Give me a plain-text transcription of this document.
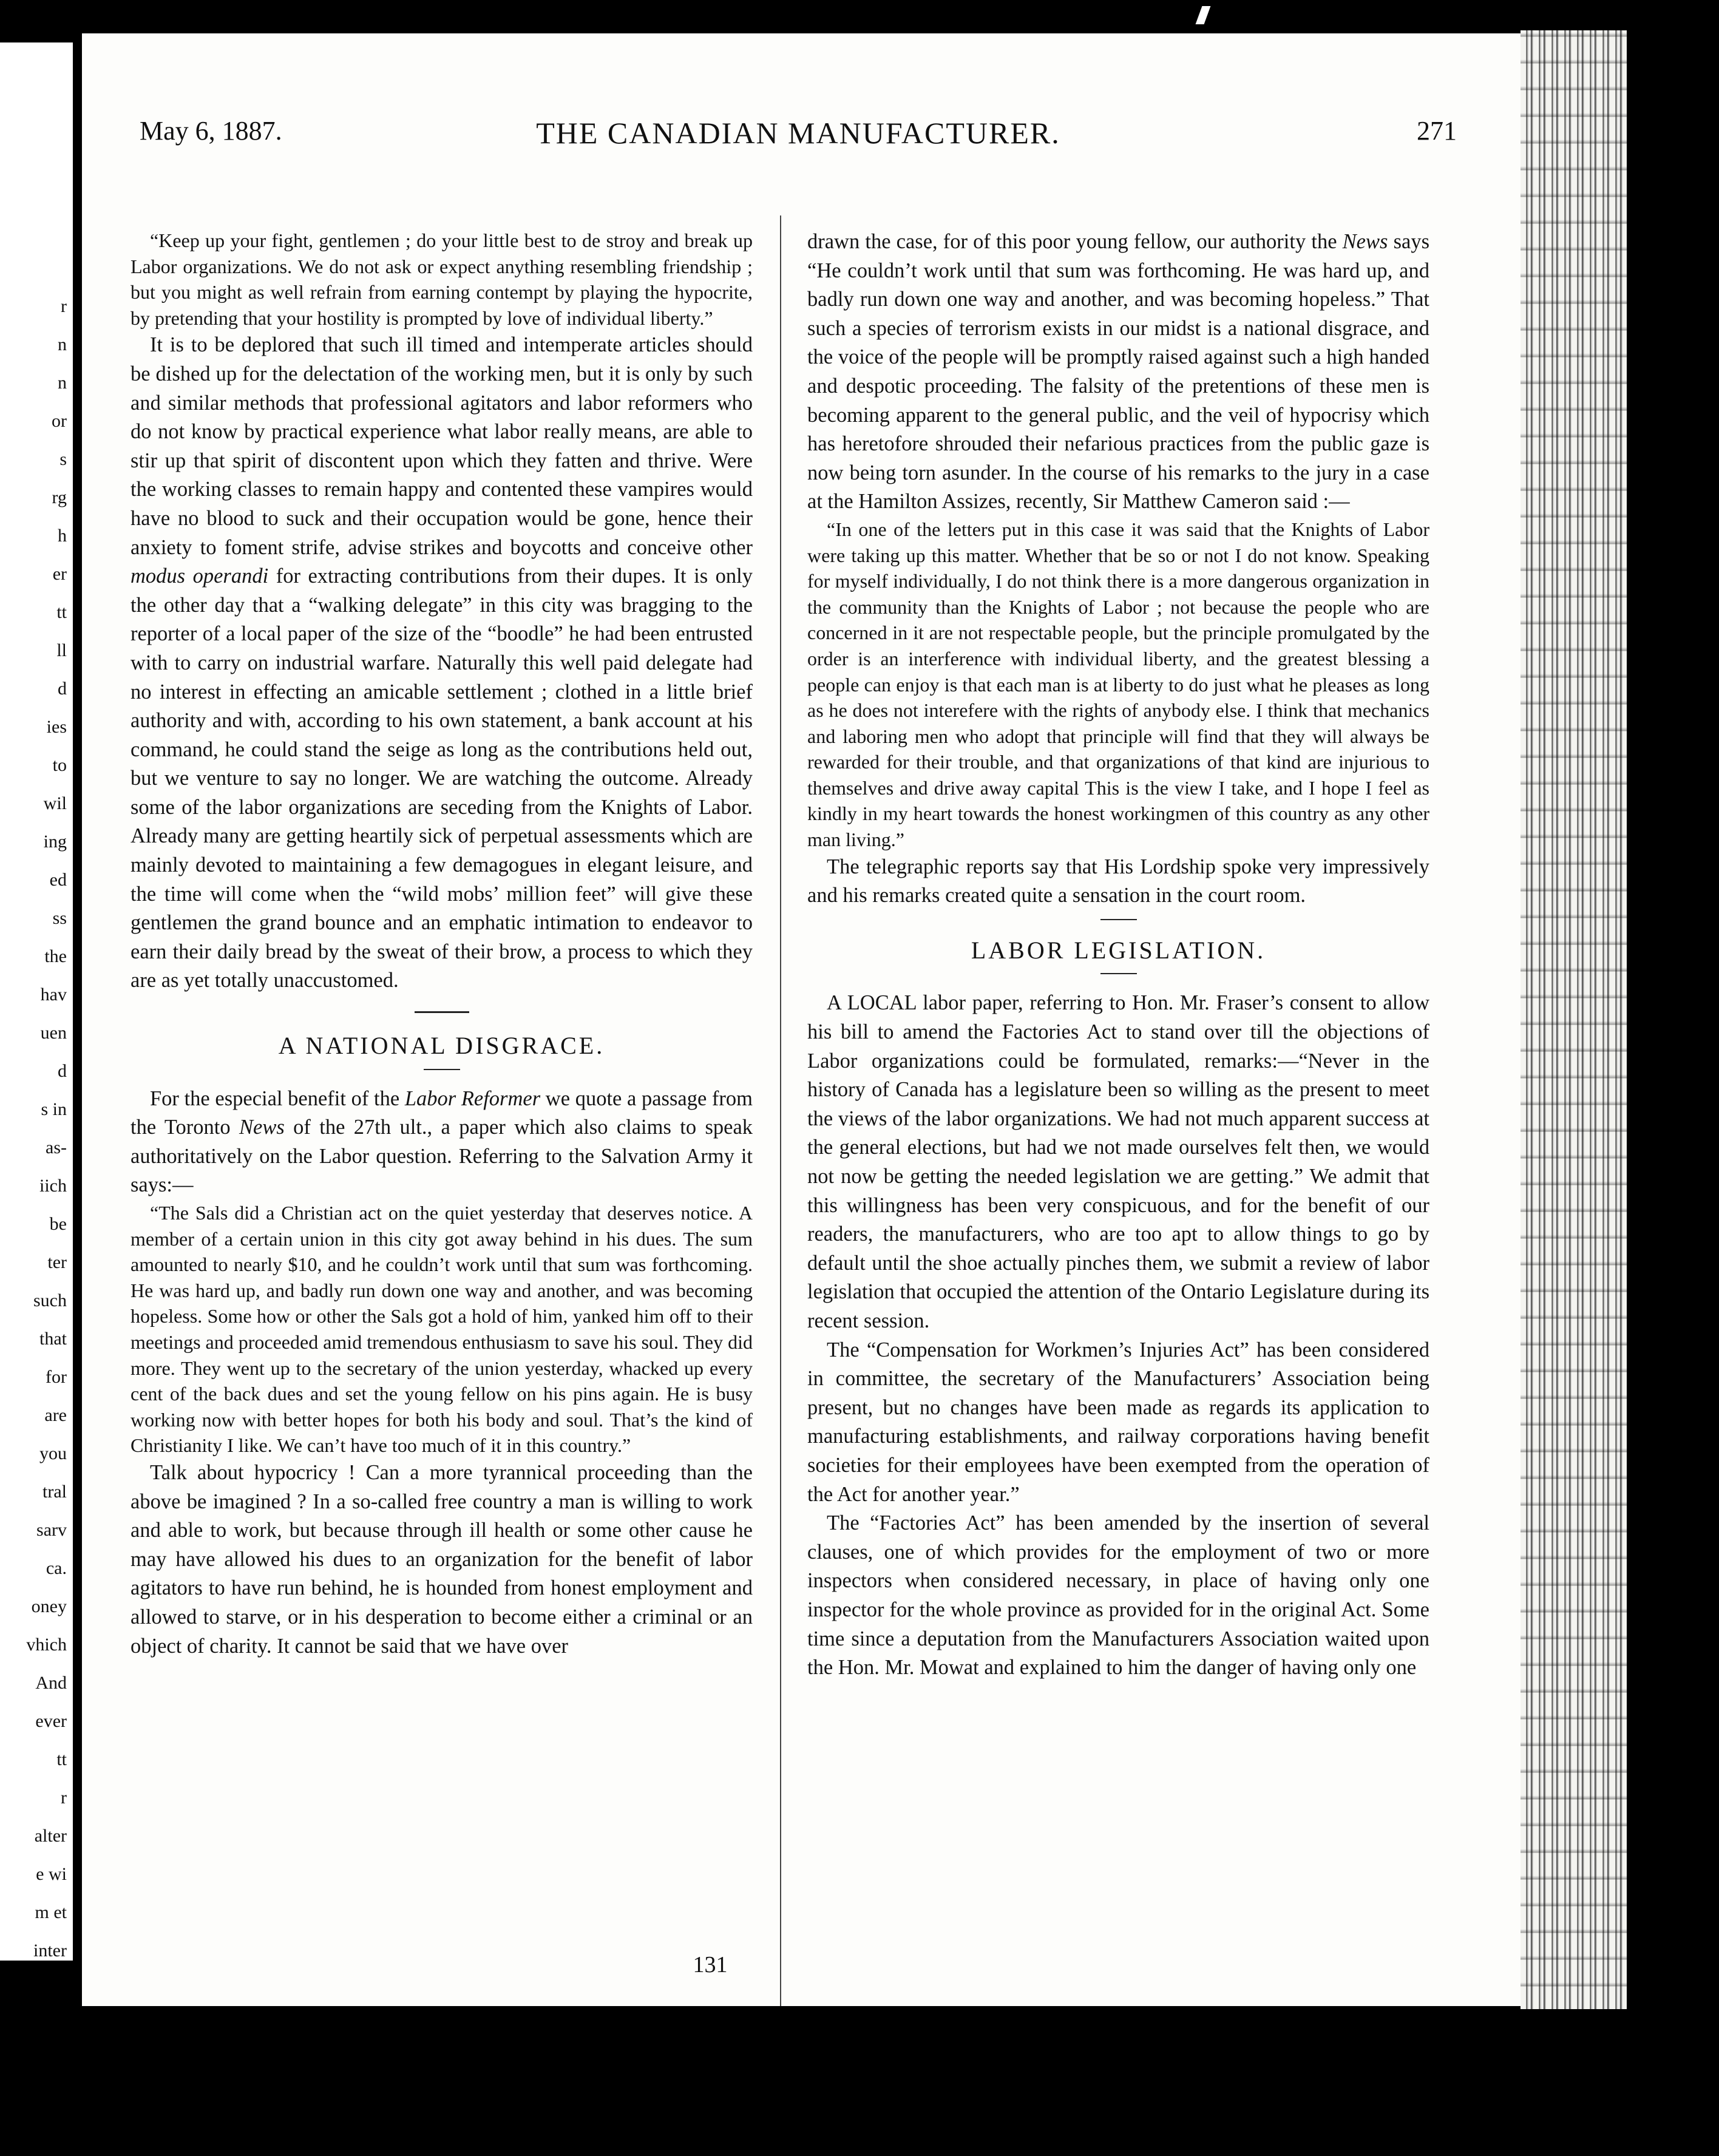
r
n
n
or
s
rg
h
er
tt
ll
d
ies
to
wil
ing
ed
ss
the
hav
uen
d
s in
as-
iich
be
ter
such
that
for
are
you
tral
sarv
ca.
oney
vhich
And
ever
tt
r
alter
e wi
m et
inter
May 6, 1887.	THE CANADIAN MANUFACTURER.	271

“Keep up your fight, gentlemen ; do your little best to de stroy and break up Labor organizations. We do not ask or expect anything resembling friendship ; but you might as well refrain from earning contempt by playing the hypocrite, by pretending that your hostility is prompted by love of individual liberty.”

It is to be deplored that such ill timed and intemperate articles should be dished up for the delectation of the working men, but it is only by such and similar methods that professional agitators and labor reformers who do not know by practical experience what labor really means, are able to stir up that spirit of discontent upon which they fatten and thrive. Were the working classes to remain happy and contented these vampires would have no blood to suck and their occupation would be gone, hence their anxiety to foment strife, advise strikes and boycotts and conceive other modus operandi for extracting contributions from their dupes. It is only the other day that a “walking delegate” in this city was bragging to the reporter of a local paper of the size of the “boodle” he had been entrusted with to carry on industrial warfare. Naturally this well paid delegate had no interest in effecting an amicable settlement ; clothed in a little brief authority and with, according to his own statement, a bank account at his command, he could stand the seige as long as the contributions held out, but we venture to say no longer. We are watching the outcome. Already some of the labor organizations are seceding from the Knights of Labor. Already many are getting heartily sick of perpetual assessments which are mainly devoted to maintaining a few demagogues in elegant leisure, and the time will come when the “wild mobs’ million feet” will give these gentlemen the grand bounce and an emphatic intimation to endeavor to earn their daily bread by the sweat of their brow, a process to which they are as yet totally unaccustomed.

A NATIONAL DISGRACE.

For the especial benefit of the Labor Reformer we quote a passage from the Toronto News of the 27th ult., a paper which also claims to speak authoritatively on the Labor question. Referring to the Salvation Army it says:—

“The Sals did a Christian act on the quiet yesterday that deserves notice. A member of a certain union in this city got away behind in his dues. The sum amounted to nearly $10, and he couldn’t work until that sum was forthcoming. He was hard up, and badly run down one way and another, and was becoming hopeless. Some how or other the Sals got a hold of him, yanked him off to their meetings and proceeded amid tremendous enthusiasm to save his soul. They did more. They went up to the secretary of the union yesterday, whacked up every cent of the back dues and set the young fellow on his pins again. He is busy working now with better hopes for both his body and soul. That’s the kind of Christianity I like. We can’t have too much of it in this country.”

Talk about hypocricy ! Can a more tyrannical proceeding than the above be imagined ? In a so-called free country a man is willing to work and able to work, but because through ill health or some other cause he may have allowed his dues to an organization for the benefit of labor agitators to have run behind, he is hounded from honest employment and allowed to starve, or in his desperation to become either a criminal or an object of charity. It cannot be said that we have over

drawn the case, for of this poor young fellow, our authority the News says “He couldn’t work until that sum was forthcoming. He was hard up, and badly run down one way and another, and was becoming hopeless.” That such a species of terrorism exists in our midst is a national disgrace, and the voice of the people will be promptly raised against such a high handed and despotic proceeding. The falsity of the pretentions of these men is becoming apparent to the general public, and the veil of hypocrisy which has heretofore shrouded their nefarious practices from the public gaze is now being torn asunder. In the course of his remarks to the jury in a case at the Hamilton Assizes, recently, Sir Matthew Cameron said :—

“In one of the letters put in this case it was said that the Knights of Labor were taking up this matter. Whether that be so or not I do not know. Speaking for myself individually, I do not think there is a more dangerous organization in the community than the Knights of Labor ; not because the people who are concerned in it are not respectable people, but the principle promulgated by the order is an interference with individual liberty, and the greatest blessing a people can enjoy is that each man is at liberty to do just what he pleases as long as he does not interefere with the rights of anybody else. I think that mechanics and laboring men who adopt that principle will find that they will always be rewarded for their trouble, and that organizations of that kind are injurious to themselves and drive away capital This is the view I take, and I hope I feel as kindly in my heart towards the honest workingmen of this country as any other man living.”

The telegraphic reports say that His Lordship spoke very impressively and his remarks created quite a sensation in the court room.

LABOR LEGISLATION.

A LOCAL labor paper, referring to Hon. Mr. Fraser’s consent to allow his bill to amend the Factories Act to stand over till the objections of Labor organizations could be formulated, remarks:—“Never in the history of Canada has a legislature been so willing as the present to meet the views of the labor organizations. We had not much apparent success at the general elections, but had we not made ourselves felt then, we would not now be getting the needed legislation we are getting.” We admit that this willingness has been very conspicuous, and for the benefit of our readers, the manufacturers, who are too apt to allow things to go by default until the shoe actually pinches them, we submit a review of labor legislation that occupied the attention of the Ontario Legislature during its recent session.

The “Compensation for Workmen’s Injuries Act” has been considered in committee, the secretary of the Manufacturers’ Association being present, but no changes have been made as regards its application to manufacturing establishments, and railway corporations having benefit societies for their employees have been exempted from the operation of the Act for another year.”

The “Factories Act” has been amended by the insertion of several clauses, one of which provides for the employment of two or more inspectors when considered necessary, in place of having only one inspector for the whole province as provided for in the original Act. Some time since a deputation from the Manufacturers Association waited upon the Hon. Mr. Mowat and explained to him the danger of having only one

131
